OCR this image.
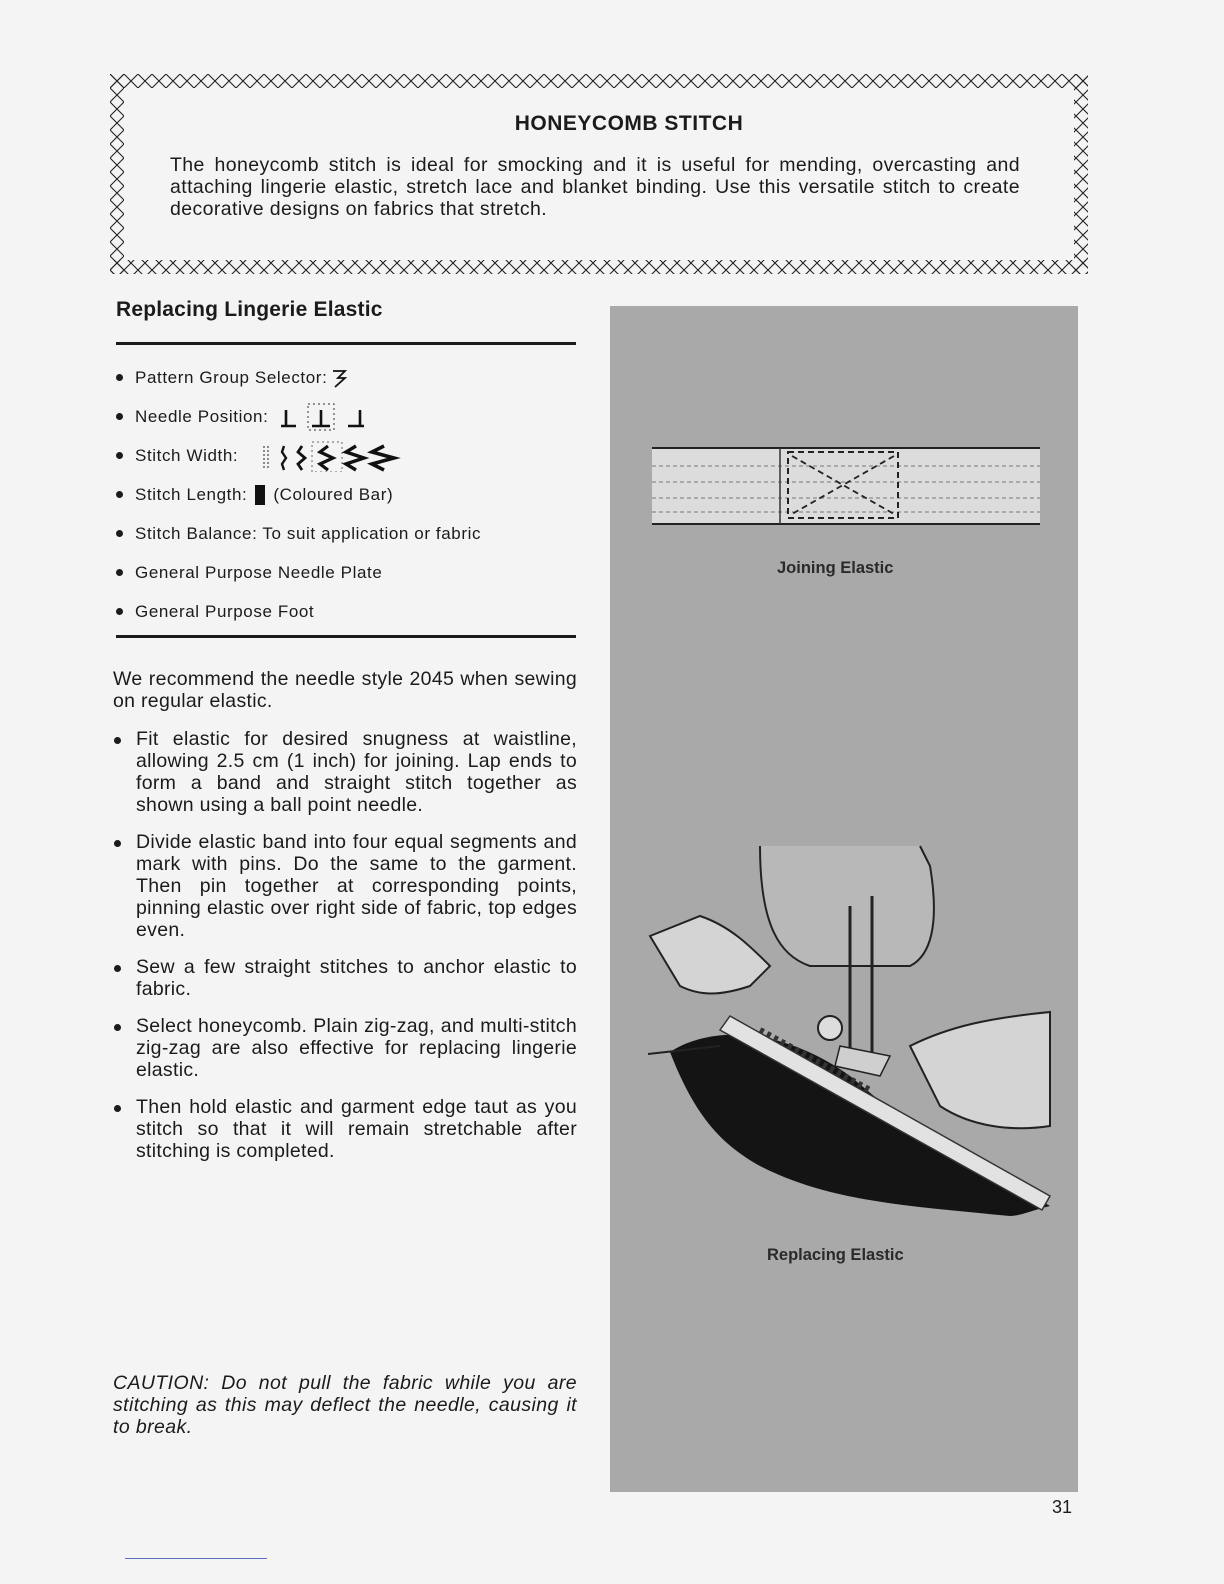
HONEYCOMB STITCH

The honeycomb stitch is ideal for smocking and it is useful for mending, overcasting and attaching lingerie elastic, stretch lace and blanket binding. Use this versatile stitch to create decorative designs on fabrics that stretch.

Replacing Lingerie Elastic
Pattern Group Selector:
Needle Position:
Stitch Width:
Stitch Length: (Coloured Bar)
Stitch Balance: To suit application or fabric
General Purpose Needle Plate
General Purpose Foot

We recommend the needle style 2045 when sewing on regular elastic.

Fit elastic for desired snugness at waistline, allowing 2.5 cm (1 inch) for joining. Lap ends to form a band and straight stitch together as shown using a ball point needle.
Divide elastic band into four equal segments and mark with pins. Do the same to the garment. Then pin together at corresponding points, pinning elastic over right side of fabric, top edges even.
Sew a few straight stitches to anchor elastic to fabric.
Select honeycomb. Plain zig-zag, and multi-stitch zig-zag are also effective for replacing lingerie elastic.
Then hold elastic and garment edge taut as you stitch so that it will remain stretchable after stitching is completed.

CAUTION: Do not pull the fabric while you are stitching as this may deflect the needle, causing it to break.

Joining Elastic

Replacing Elastic

31
